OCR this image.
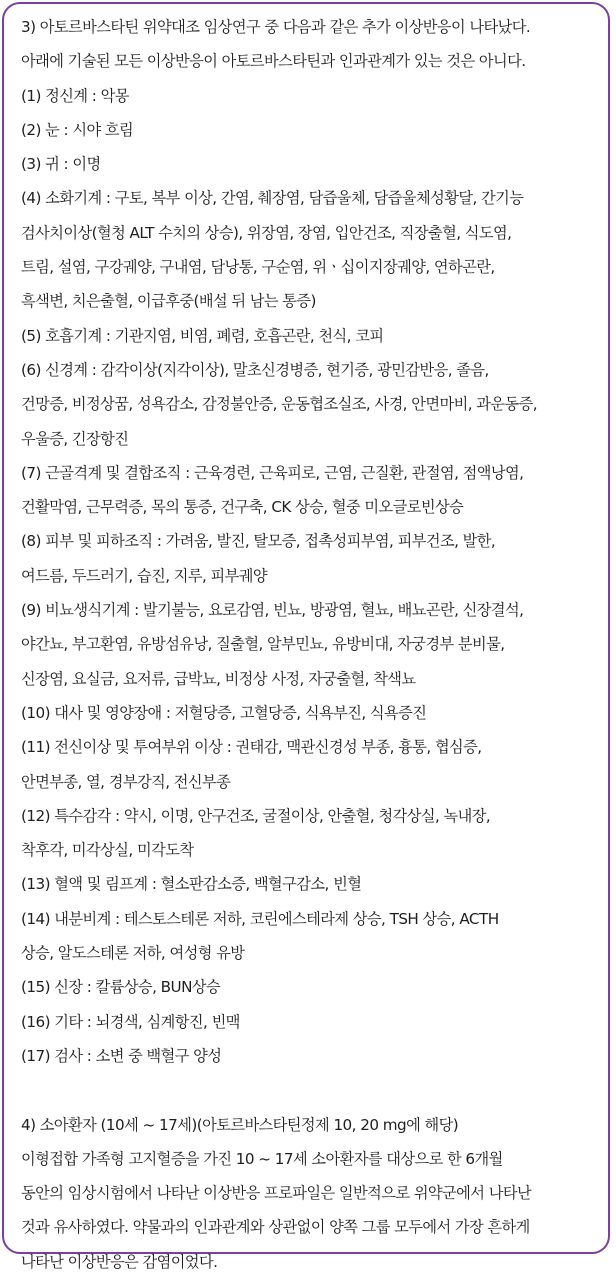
3) 아토르바스타틴 위약대조 임상연구 중 다음과 같은 추가 이상반응이 나타났다.
아래에 기술된 모든 이상반응이 아토르바스타틴과 인과관계가 있는 것은 아니다.
(1) 정신계 : 악몽
(2) 눈 : 시야 흐림
(3) 귀 : 이명
(4) 소화기계 : 구토, 복부 이상, 간염, 췌장염, 담즙울체, 담즙울체성황달, 간기능
검사치이상(혈청 ALT 수치의 상승), 위장염, 장염, 입안건조, 직장출혈, 식도염,
트림, 설염, 구강궤양, 구내염, 담낭통, 구순염, 위ㆍ십이지장궤양, 연하곤란,
흑색변, 치은출혈, 이급후중(배설 뒤 남는 통증)
(5) 호흡기계 : 기관지염, 비염, 폐렴, 호흡곤란, 천식, 코피
(6) 신경계 : 감각이상(지각이상), 말초신경병증, 현기증, 광민감반응, 졸음,
건망증, 비정상꿈, 성욕감소, 감정불안증, 운동협조실조, 사경, 안면마비, 과운동증,
우울증, 긴장항진
(7) 근골격계 및 결합조직 : 근육경련, 근육피로, 근염, 근질환, 관절염, 점액낭염,
건활막염, 근무력증, 목의 통증, 건구축, CK 상승, 혈중 미오글로빈상승
(8) 피부 및 피하조직 : 가려움, 발진, 탈모증, 접촉성피부염, 피부건조, 발한,
여드름, 두드러기, 습진, 지루, 피부궤양
(9) 비뇨생식기계 : 발기불능, 요로감염, 빈뇨, 방광염, 혈뇨, 배뇨곤란, 신장결석,
야간뇨, 부고환염, 유방섬유낭, 질출혈, 알부민뇨, 유방비대, 자궁경부 분비물,
신장염, 요실금, 요저류, 급박뇨, 비정상 사정, 자궁출혈, 착색뇨
(10) 대사 및 영양장애 : 저혈당증, 고혈당증, 식욕부진, 식욕증진
(11) 전신이상 및 투여부위 이상 : 권태감, 맥관신경성 부종, 흉통, 협심증,
안면부종, 열, 경부강직, 전신부종
(12) 특수감각 : 약시, 이명, 안구건조, 굴절이상, 안출혈, 청각상실, 녹내장,
착후각, 미각상실, 미각도착
(13) 혈액 및 림프계 : 혈소판감소증, 백혈구감소, 빈혈
(14) 내분비계 : 테스토스테론 저하, 코린에스테라제 상승, TSH 상승, ACTH
상승, 알도스테론 저하, 여성형 유방
(15) 신장 : 칼륨상승, BUN상승
(16) 기타 : 뇌경색, 심계항진, 빈맥
(17) 검사 : 소변 중 백혈구 양성
4) 소아환자 (10세 ~ 17세)(아토르바스타틴정제 10, 20 mg에 해당)
이형접합 가족형 고지혈증을 가진 10 ~ 17세 소아환자를 대상으로 한 6개월
동안의 임상시험에서 나타난 이상반응 프로파일은 일반적으로 위약군에서 나타난
것과 유사하였다. 약물과의 인과관계와 상관없이 양쪽 그룹 모두에서 가장 흔하게
나타난 이상반응은 감염이었다.
